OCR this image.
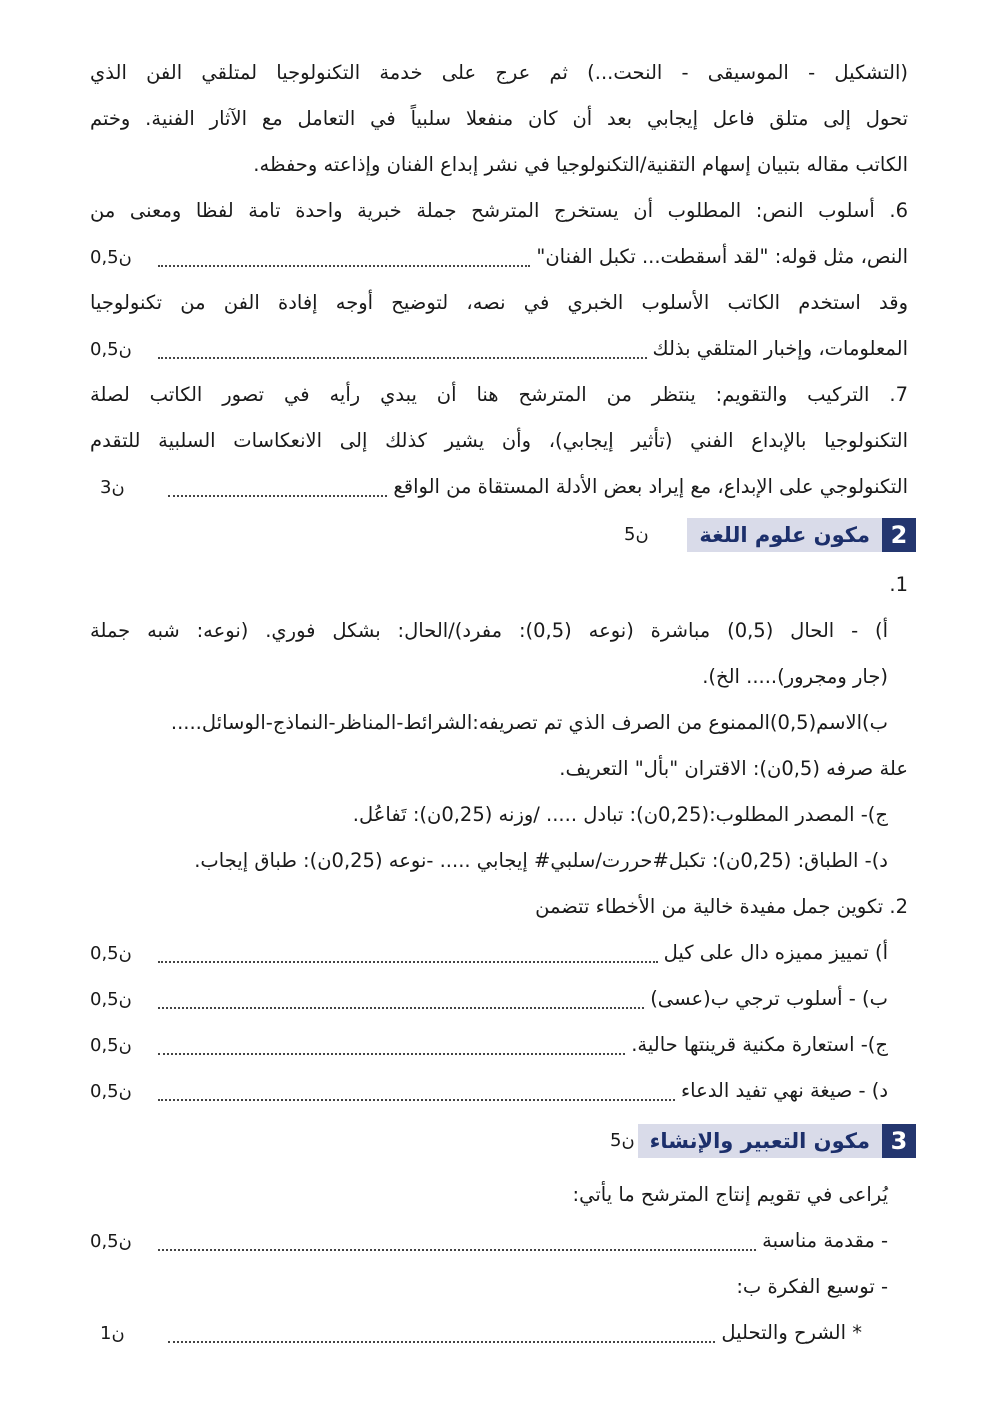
(التشكيل - الموسيقى - النحت...) ثم عرج على خدمة التكنولوجيا لمتلقي الفن الذي
تحول إلى متلق فاعل إيجابي بعد أن كان منفعلا سلبياً في التعامل مع الآثار الفنية. وختم
الكاتب مقاله بتبيان إسهام التقنية/التكنولوجيا في نشر إبداع الفنان وإذاعته وحفظه.
6. أسلوب النص: المطلوب أن يستخرج المترشح جملة خبرية واحدة تامة لفظا ومعنى من
0,5ن	النص، مثل قوله: "لقد أسقطت... تكبل الفنان"
وقد استخدم الكاتب الأسلوب الخبري في نصه، لتوضيح أوجه إفادة الفن من تكنولوجيا
0,5ن	المعلومات، وإخبار المتلقي بذلك
7. التركيب والتقويم: ينتظر من المترشح هنا أن يبدي رأيه في تصور الكاتب لصلة
التكنولوجيا بالإبداع الفني (تأثير إيجابي)، وأن يشير كذلك إلى الانعكاسات السلبية للتقدم
3ن	التكنولوجي على الإبداع، مع إيراد بعض الأدلة المستقاة من الواقع
مكون علوم اللغة 2
5ن
1.
أ) - الحال (0,5) مباشرة (نوعه (0,5): مفرد)/الحال: بشكل فوري. (نوعه: شبه جملة
(جار ومجرور)..... الخ).
ب)الاسم(0,5)الممنوع من الصرف الذي تم تصريفه:الشرائط-المناظر-النماذج-الوسائل.....
علة صرفه (0,5ن): الاقتران "بأل" التعريف.
ج)- المصدر المطلوب:(0,25ن): تبادل ..... /وزنه (0,25ن): تَفاعُل.
د)- الطباق: (0,25ن): تكبل#حررت/سلبي# إيجابي ..... -نوعه (0,25ن): طباق إيجاب.
2. تكوين جمل مفيدة خالية من الأخطاء تتضمن
0,5ن	أ) تمييز مميزه دال على كيل
0,5ن	ب) - أسلوب ترجي ب(عسى)
0,5ن	ج)- استعارة مكنية قرينتها حالية.
0,5ن	د) - صيغة نهي تفيد الدعاء
مكون التعبير والإنشاء 3
5ن
يُراعى في تقويم إنتاج المترشح ما يأتي:
0,5ن	- مقدمة مناسبة
- توسيع الفكرة ب:
1ن	* الشرح والتحليل
